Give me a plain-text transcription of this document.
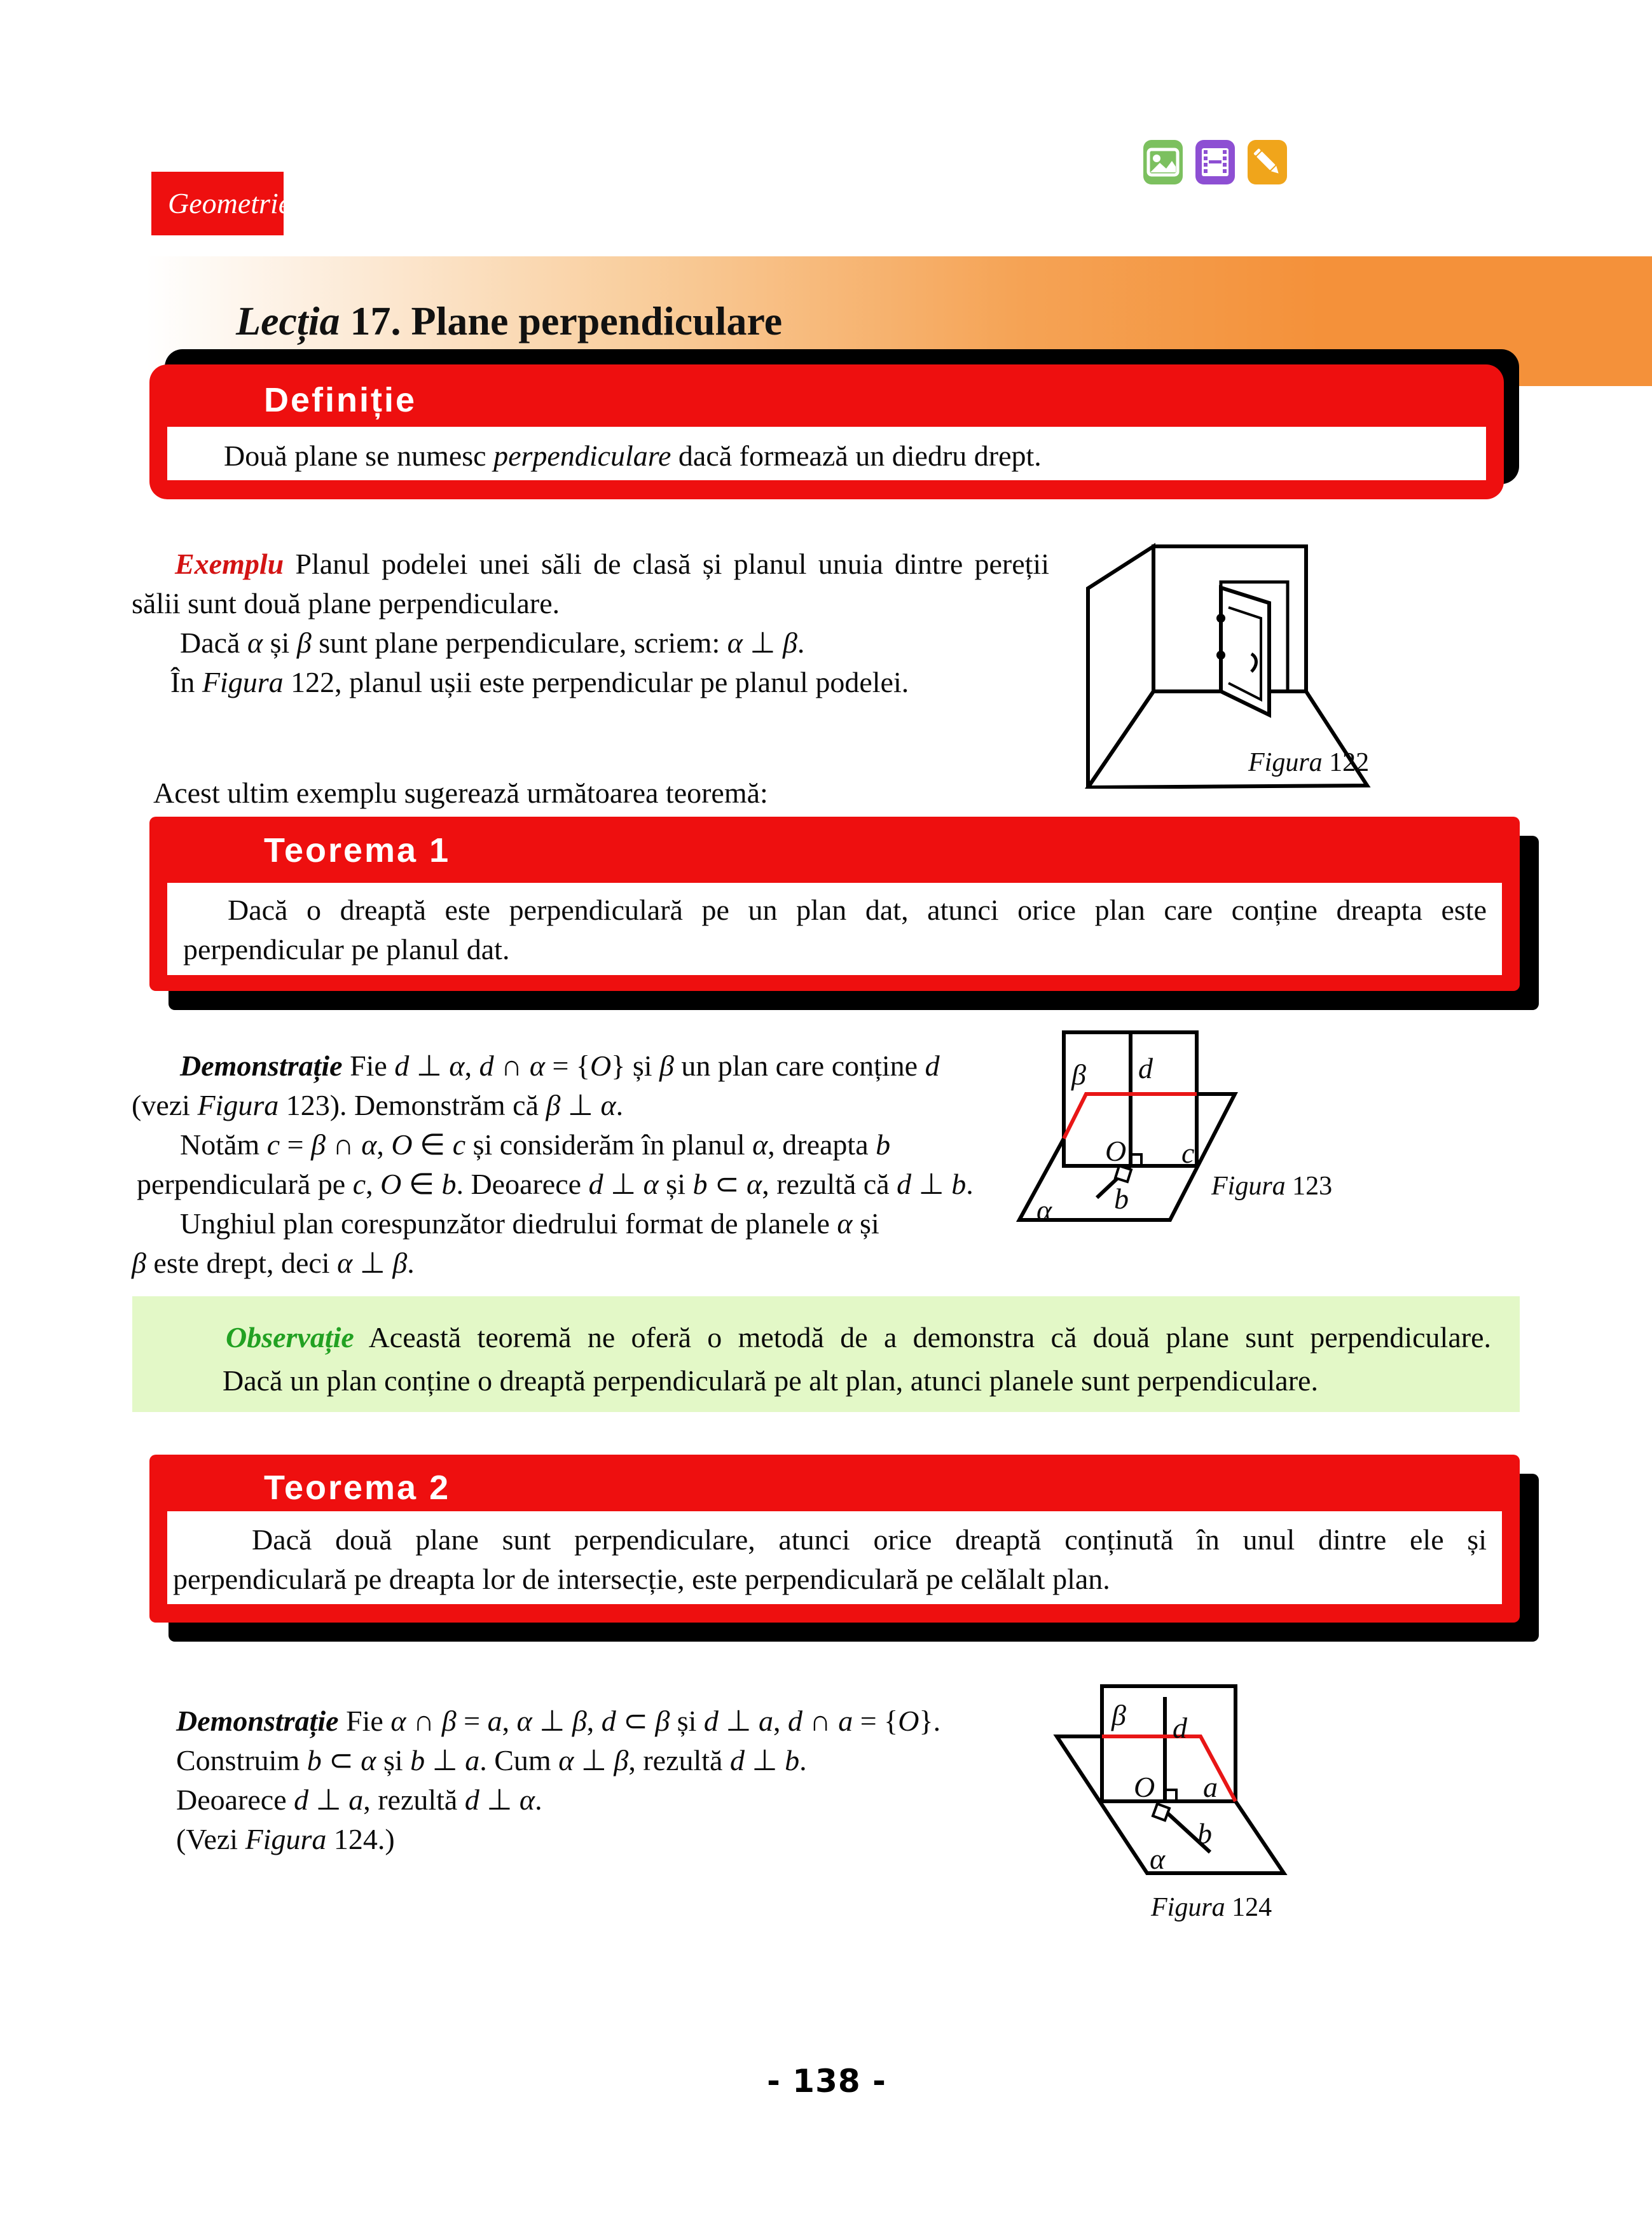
Geometrie
Lecția 17. Plane perpendiculare
Definiție
Două plane se numesc perpendiculare dacă formează un diedru drept.
Exemplu Planul podelei unei săli de clasă și planul unuia dintre pereții
sălii sunt două plane perpendiculare.
Dacă α și β sunt plane perpendiculare, scriem: α ⊥ β.
În Figura 122, planul ușii este perpendicular pe planul podelei.
Figura 122
Acest ultim exemplu sugerează următoarea teoremă:
Teorema 1
Dacă o dreaptă este perpendiculară pe un plan dat, atunci orice plan care conține dreapta este
perpendicular pe planul dat.
Demonstrație Fie d ⊥ α, d ∩ α = {O} și β un plan care conține d
(vezi Figura 123). Demonstrăm că β ⊥ α.
Notăm c = β ∩ α, O ∈ c și considerăm în planul α, dreapta b
perpendiculară pe c, O ∈ b. Deoarece d ⊥ α și b ⊂ α, rezultă că d ⊥ b.
Unghiul plan corespunzător diedrului format de planele α și
β este drept, deci α ⊥ β.
β d
O c
b
α
Figura 123
Observație Această teoremă ne oferă o metodă de a demonstra că două plane sunt perpendiculare.
Dacă un plan conține o dreaptă perpendiculară pe alt plan, atunci planele sunt perpendiculare.
Teorema 2
Dacă două plane sunt perpendiculare, atunci orice dreaptă conținută în unul dintre ele și
perpendiculară pe dreapta lor de intersecție, este perpendiculară pe celălalt plan.
Demonstrație Fie α ∩ β = a, α ⊥ β, d ⊂ β și d ⊥ a, d ∩ a = {O}.
Construim b ⊂ α și b ⊥ a. Cum α ⊥ β, rezultă d ⊥ b.
Deoarece d ⊥ a, rezultă d ⊥ α.
(Vezi Figura 124.)
β d
O a
b
α
Figura 124
- 138 -
